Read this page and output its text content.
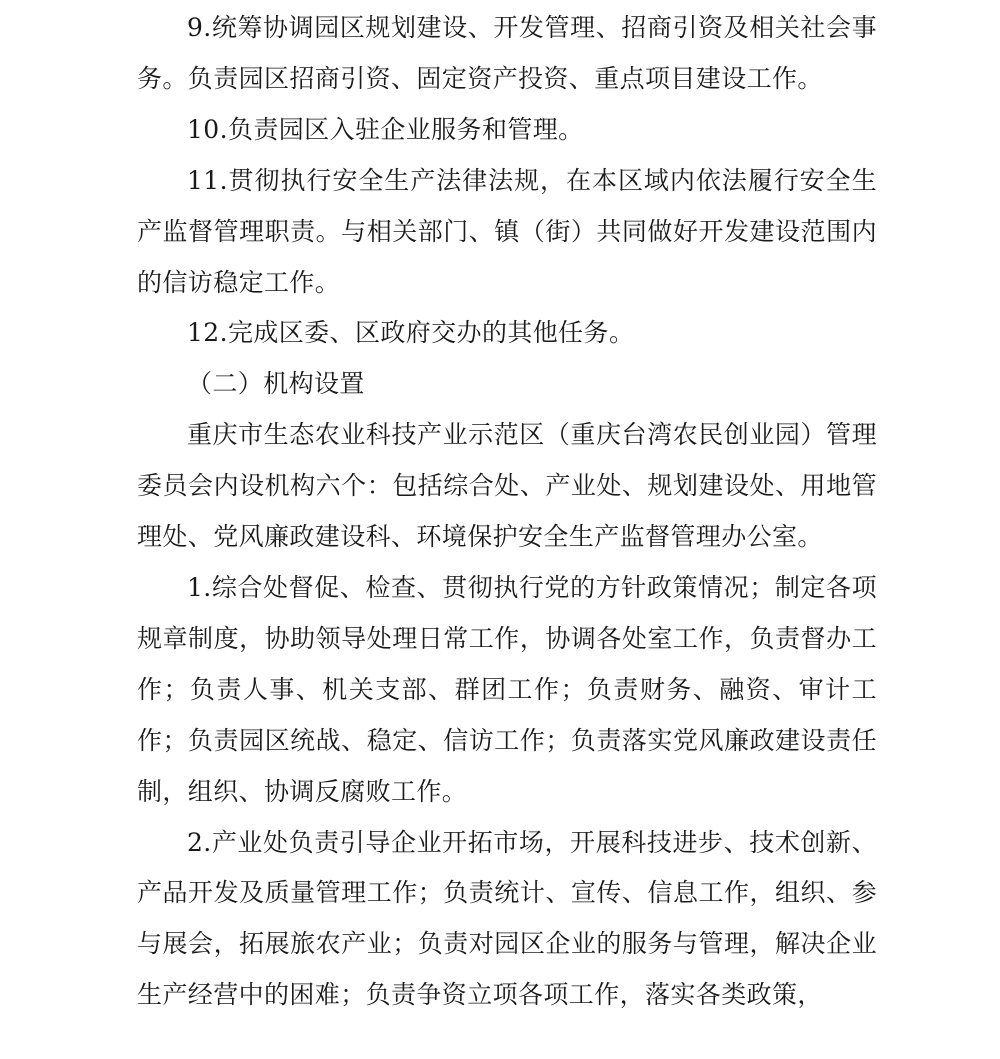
9.统筹协调园区规划建设、开发管理、招商引资及相关社会事务。负责园区招商引资、固定资产投资、重点项目建设工作。

10.负责园区入驻企业服务和管理。

11.贯彻执行安全生产法律法规，在本区域内依法履行安全生产监督管理职责。与相关部门、镇（街）共同做好开发建设范围内的信访稳定工作。

12.完成区委、区政府交办的其他任务。

（二）机构设置

重庆市生态农业科技产业示范区（重庆台湾农民创业园）管理委员会内设机构六个：包括综合处、产业处、规划建设处、用地管理处、党风廉政建设科、环境保护安全生产监督管理办公室。

1.综合处督促、检查、贯彻执行党的方针政策情况；制定各项规章制度，协助领导处理日常工作，协调各处室工作，负责督办工作；负责人事、机关支部、群团工作；负责财务、融资、审计工作；负责园区统战、稳定、信访工作；负责落实党风廉政建设责任制，组织、协调反腐败工作。

2.产业处负责引导企业开拓市场，开展科技进步、技术创新、产品开发及质量管理工作；负责统计、宣传、信息工作，组织、参与展会，拓展旅农产业；负责对园区企业的服务与管理，解决企业生产经营中的困难；负责争资立项各项工作，落实各类政策，
